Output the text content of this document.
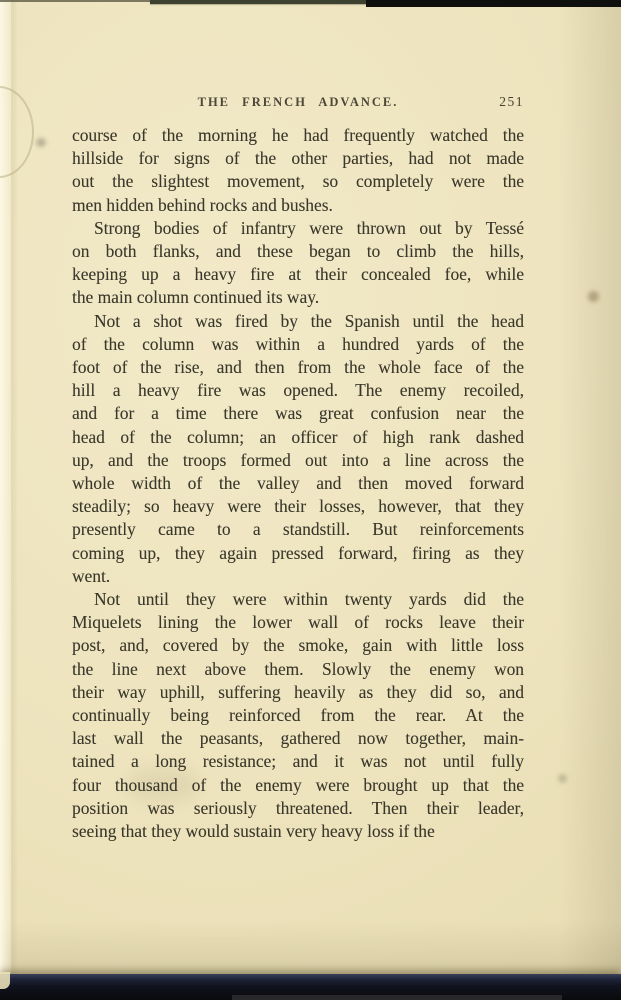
THE FRENCH ADVANCE.	251
course of the morning he had frequently watched the
hillside for signs of the other parties, had not made
out the slightest movement, so completely were the
men hidden behind rocks and bushes.
Strong bodies of infantry were thrown out by Tessé
on both flanks, and these began to climb the hills,
keeping up a heavy fire at their concealed foe, while
the main column continued its way.
Not a shot was fired by the Spanish until the head
of the column was within a hundred yards of the
foot of the rise, and then from the whole face of the
hill a heavy fire was opened. The enemy recoiled,
and for a time there was great confusion near the
head of the column; an officer of high rank dashed
up, and the troops formed out into a line across the
whole width of the valley and then moved forward
steadily; so heavy were their losses, however, that they
presently came to a standstill. But reinforcements
coming up, they again pressed forward, firing as they
went.
Not until they were within twenty yards did the
Miquelets lining the lower wall of rocks leave their
post, and, covered by the smoke, gain with little loss
the line next above them. Slowly the enemy won
their way uphill, suffering heavily as they did so, and
continually being reinforced from the rear. At the
last wall the peasants, gathered now together, main-
tained a long resistance; and it was not until fully
four thousand of the enemy were brought up that the
position was seriously threatened. Then their leader,
seeing that they would sustain very heavy loss if the
